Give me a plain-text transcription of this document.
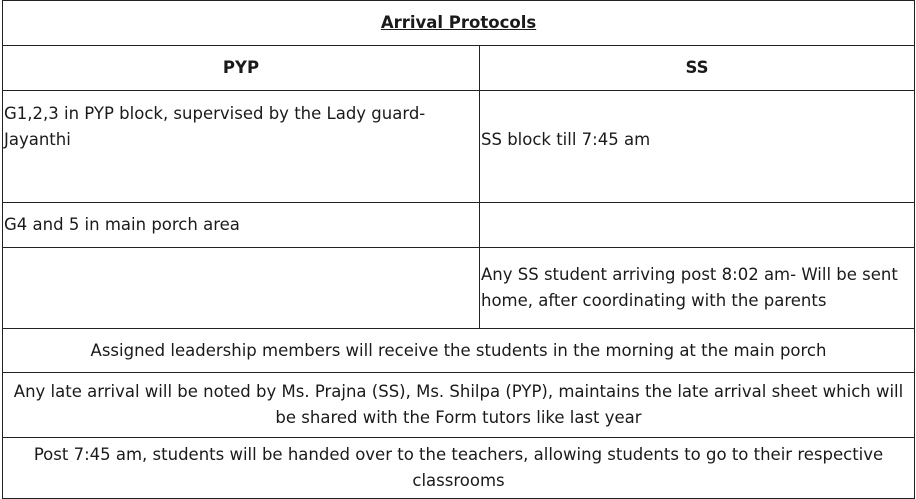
Arrival Protocols	
PYP	SS
G1,2,3 in PYP block, supervised by the Lady guard-Jayanthi	SS block till 7:45 am
G4 and 5 in main porch area	
	Any SS student arriving post 8:02 am- Will be sent home, after coordinating with the parents
Assigned leadership members will receive the students in the morning at the main porch	
Any late arrival will be noted by Ms. Prajna (SS), Ms. Shilpa (PYP), maintains the late arrival sheet which will be shared with the Form tutors like last year	
Post 7:45 am, students will be handed over to the teachers, allowing students to go to their respective classrooms	
